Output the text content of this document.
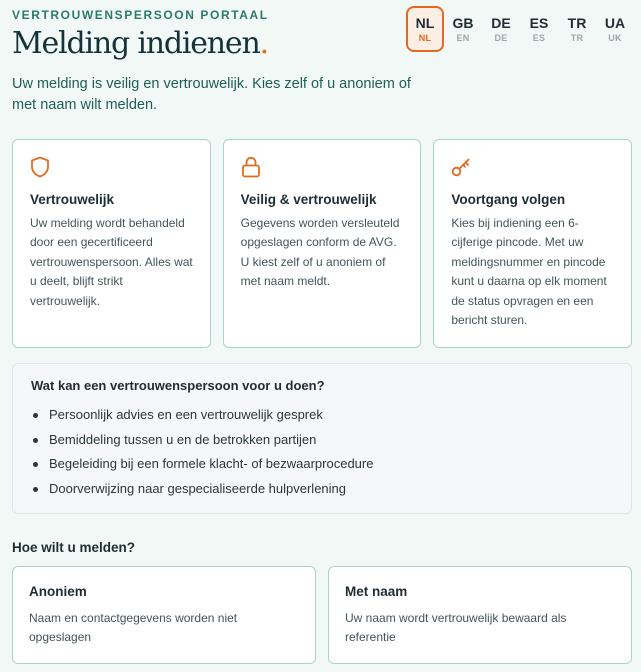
VERTROUWENSPERSOON PORTAAL
Melding indienen.

Uw melding is veilig en vertrouwelijk. Kies zelf of u anoniem of met naam wilt melden.

NL
NL
GB
EN
DE
DE
ES
ES
TR
TR
UA
UK
Vertrouwelijk

Uw melding wordt behandeld door een gecertificeerd vertrouwenspersoon. Alles wat u deelt, blijft strikt vertrouwelijk.

Veilig & vertrouwelijk

Gegevens worden versleuteld opgeslagen conform de AVG. U kiest zelf of u anoniem of met naam meldt.

Voortgang volgen

Kies bij indiening een 6-cijferige pincode. Met uw meldingsnummer en pincode kunt u daarna op elk moment de status opvragen en een bericht sturen.

Wat kan een vertrouwenspersoon voor u doen?
Persoonlijk advies en een vertrouwelijk gesprek
Bemiddeling tussen u en de betrokken partijen
Begeleiding bij een formele klacht- of bezwaarprocedure
Doorverwijzing naar gespecialiseerde hulpverlening
Hoe wilt u melden?
Anoniem

Naam en contactgegevens worden niet opgeslagen

Met naam

Uw naam wordt vertrouwelijk bewaard als referentie
